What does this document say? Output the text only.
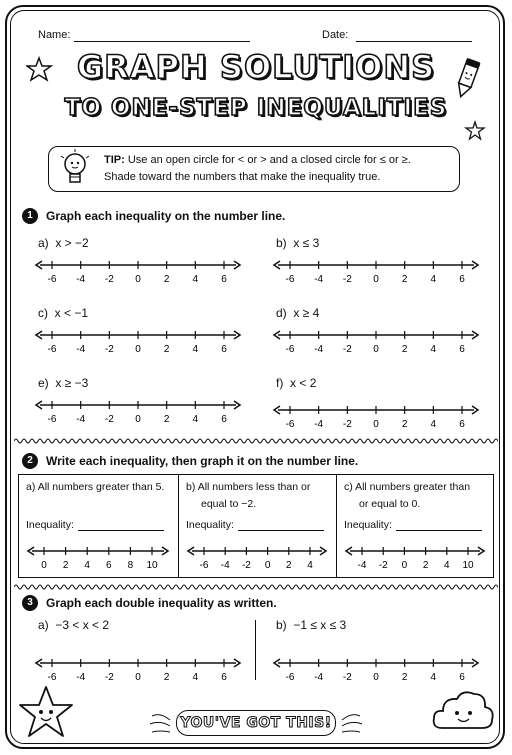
Name:	Date:
GRAPH SOLUTIONS
TO ONE-STEP INEQUALITIES
TIP: Use an open circle for < or > and a closed circle for ≤ or ≥.
Shade toward the numbers that make the inequality true.
1	Graph each inequality on the number line.
a) x > −2	b) x ≤ 3
c) x < −1	d) x ≥ 4
e) x ≥ −3	f) x < 2
-6 -4 -2 0 2 4 6	-6 -4 -2 0 2 4 6
-6 -4 -2 0 2 4 6	-6 -4 -2 0 2 4 6
-6 -4 -2 0 2 4 6	-6 -4 -2 0 2 4 6
2	Write each inequality, then graph it on the number line.
a) All numbers greater than 5.	b) All numbers less than or
equal to −2.
c) All numbers greater than
or equal to 0.
Inequality:	Inequality:	Inequality:
0 2 4 6 8 10	-6 -4 -2 0 2 4	-4 -2 0 2 4 10
3	Graph each double inequality as written.
a) −3 < x < 2	b) −1 ≤ x ≤ 3
-6 -4 -2 0 2 4 6	-6 -4 -2 0 2 4 6
YOU'VE GOT THIS!
